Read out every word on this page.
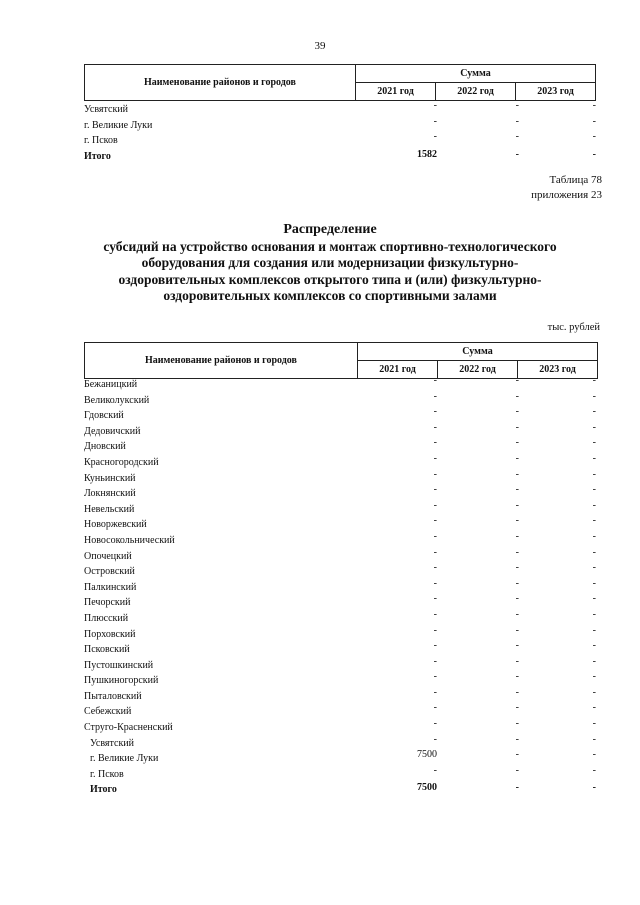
39
Наименование районов и городов	Сумма		
	2021 год	2022 год	2023 год
Усвятский	-	-	-
г. Великие Луки	-	-	-
г. Псков	-	-	-
Итого	1582	-	-
Таблица 78
приложения 23
Распределение
субсидий на устройство основания и монтаж спортивно-технологического
оборудования для создания или модернизации физкультурно-
оздоровительных комплексов открытого типа и (или) физкультурно-
оздоровительных комплексов со спортивными залами
тыс. рублей
Наименование районов и городов	Сумма		
	2021 год	2022 год	2023 год
Бежаницкий	-	-	-
Великолукский	-	-	-
Гдовский	-	-	-
Дедовичский	-	-	-
Дновский	-	-	-
Красногородский	-	-	-
Куньинский	-	-	-
Локнянский	-	-	-
Невельский	-	-	-
Новоржевский	-	-	-
Новосокольнический	-	-	-
Опочецкий	-	-	-
Островский	-	-	-
Палкинский	-	-	-
Печорский	-	-	-
Плюсский	-	-	-
Порховский	-	-	-
Псковский	-	-	-
Пустошкинский	-	-	-
Пушкиногорский	-	-	-
Пыталовский	-	-	-
Себежский	-	-	-
Струго-Красненский	-	-	-
Усвятский	-	-	-
г. Великие Луки	7500	-	-
г. Псков	-	-	-
Итого	7500	-	-
